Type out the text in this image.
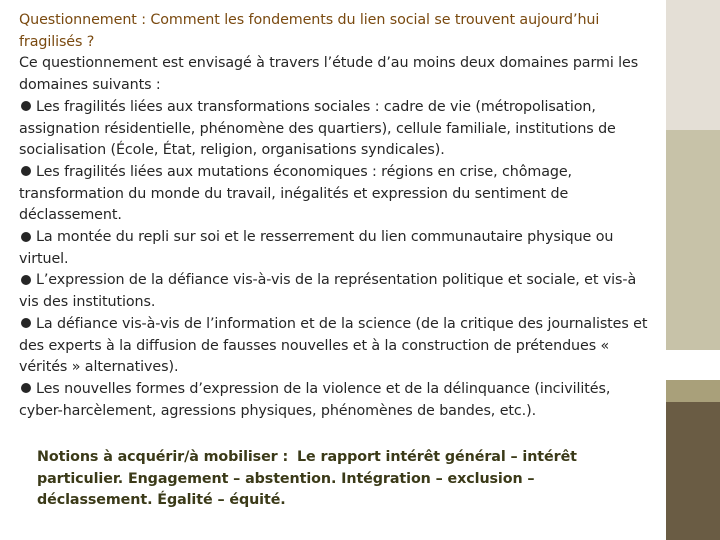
Questionnement : Comment les fondements du lien social se trouvent aujourd’hui fragilisés ?

Ce questionnement est envisagé à travers l’étude d’au moins deux domaines parmi les domaines suivants :

Les fragilités liées aux transformations sociales : cadre de vie (métropolisation, assignation résidentielle, phénomène des quartiers), cellule familiale, institutions de socialisation (École, État, religion, organisations syndicales).

Les fragilités liées aux mutations économiques : régions en crise, chômage, transformation du monde du travail, inégalités et expression du sentiment de déclassement.

La montée du repli sur soi et le resserrement du lien communautaire physique ou virtuel.

L’expression de la défiance vis-à-vis de la représentation politique et sociale, et vis-à vis des institutions.

La défiance vis-à-vis de l’information et de la science (de la critique des journalistes et des experts à la diffusion de fausses nouvelles et à la construction de prétendues « vérités » alternatives).

Les nouvelles formes d’expression de la violence et de la délinquance (incivilités, cyber-harcèlement, agressions physiques, phénomènes de bandes, etc.).

Notions à acquérir/à mobiliser : Le rapport intérêt général – intérêt particulier. Engagement – abstention. Intégration – exclusion – déclassement. Égalité – équité.
